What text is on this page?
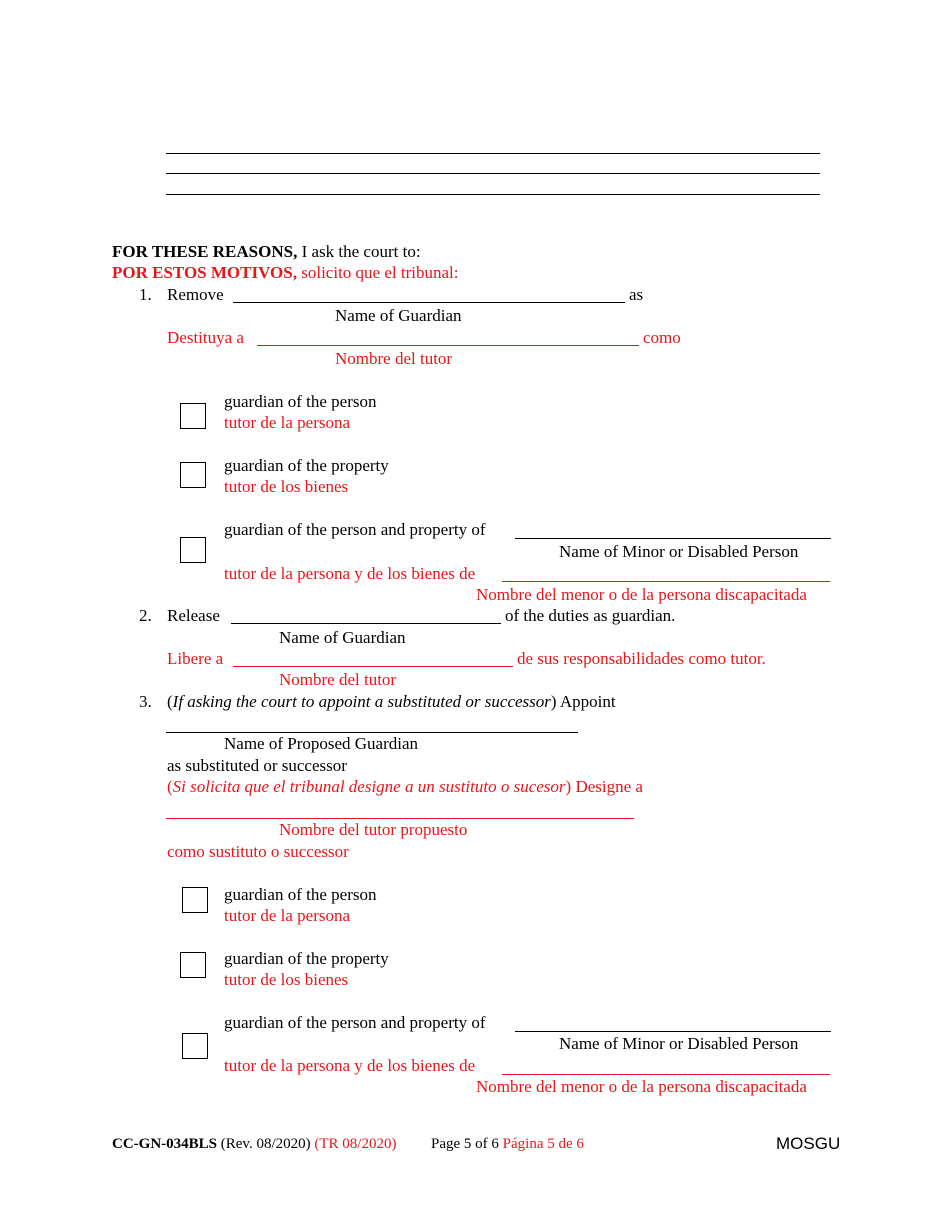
FOR THESE REASONS, I ask the court to:
POR ESTOS MOTIVOS, solicito que el tribunal:
1. Remove	as
Name of Guardian
Destituya a	como
Nombre del tutor
guardian of the person
tutor de la persona
guardian of the property
tutor de los bienes
guardian of the person and property of
Name of Minor or Disabled Person
tutor de la persona y de los bienes de
Nombre del menor o de la persona discapacitada
2. Release	of the duties as guardian.
Name of Guardian
Libere a	de sus responsabilidades como tutor.
Nombre del tutor
3. (If asking the court to appoint a substituted or successor) Appoint
Name of Proposed Guardian
as substituted or successor
(Si solicita que el tribunal designe a un sustituto o sucesor) Designe a
Nombre del tutor propuesto
como sustituto o successor
guardian of the person
tutor de la persona
guardian of the property
tutor de los bienes
guardian of the person and property of
Name of Minor or Disabled Person
tutor de la persona y de los bienes de
Nombre del menor o de la persona discapacitada
CC-GN-034BLS (Rev. 08/2020) (TR 08/2020) Page 5 of 6 Página 5 de 6	MOSGU
